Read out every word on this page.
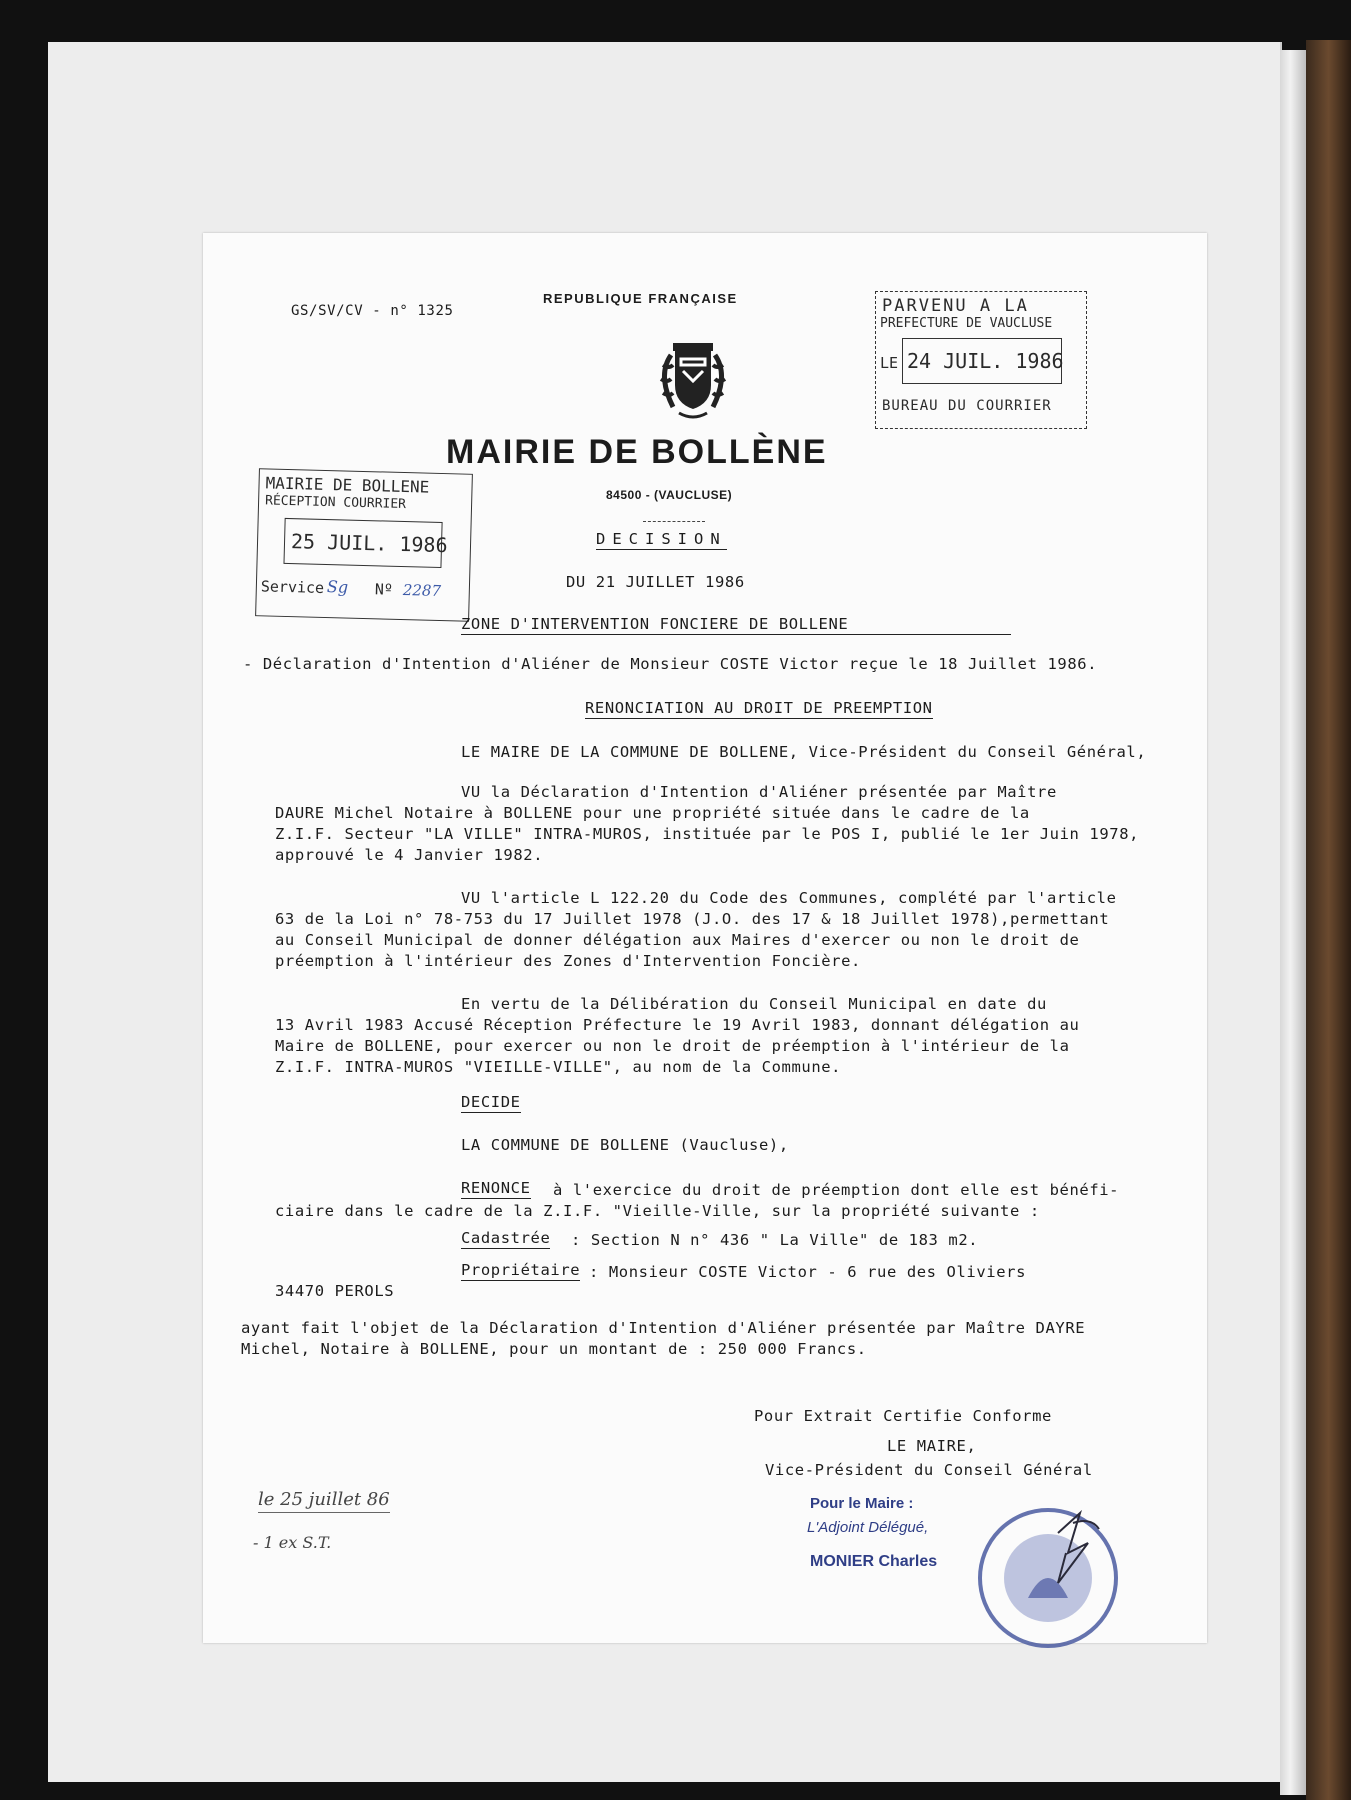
GS/SV/CV - n° 1325
REPUBLIQUE FRANÇAISE
MAIRIE DE BOLLÈNE
84500 - (VAUCLUSE)
DECISION
DU 21 JUILLET 1986
PARVENU A LA
PREFECTURE DE VAUCLUSE
LE 24 JUIL. 1986
BUREAU DU COURRIER
MAIRIE DE BOLLENE
RÉCEPTION COURRIER
25 JUIL. 1986
Service Sg Nº 2287
ZONE D'INTERVENTION FONCIERE DE BOLLENE
- Déclaration d'Intention d'Aliéner de Monsieur COSTE Victor reçue le 18 Juillet 1986.
RENONCIATION AU DROIT DE PREEMPTION
LE MAIRE DE LA COMMUNE DE BOLLENE, Vice-Président du Conseil Général,
VU la Déclaration d'Intention d'Aliéner présentée par Maître
DAURE Michel Notaire à BOLLENE pour une propriété située dans le cadre de la
Z.I.F. Secteur "LA VILLE" INTRA-MUROS, instituée par le POS I, publié le 1er Juin 1978,
approuvé le 4 Janvier 1982.
VU l'article L 122.20 du Code des Communes, complété par l'article
63 de la Loi n° 78-753 du 17 Juillet 1978 (J.O. des 17 & 18 Juillet 1978),permettant
au Conseil Municipal de donner délégation aux Maires d'exercer ou non le droit de
préemption à l'intérieur des Zones d'Intervention Foncière.
En vertu de la Délibération du Conseil Municipal en date du
13 Avril 1983 Accusé Réception Préfecture le 19 Avril 1983, donnant délégation au
Maire de BOLLENE, pour exercer ou non le droit de préemption à l'intérieur de la
Z.I.F. INTRA-MUROS "VIEILLE-VILLE", au nom de la Commune.
DECIDE
LA COMMUNE DE BOLLENE (Vaucluse),
RENONCE à l'exercice du droit de préemption dont elle est bénéfi-
ciaire dans le cadre de la Z.I.F. "Vieille-Ville, sur la propriété suivante :
Cadastrée : Section N n° 436 " La Ville" de 183 m2.
Propriétaire : Monsieur COSTE Victor - 6 rue des Oliviers
34470 PEROLS
ayant fait l'objet de la Déclaration d'Intention d'Aliéner présentée par Maître DAYRE
Michel, Notaire à BOLLENE, pour un montant de : 250 000 Francs.
Pour Extrait Certifie Conforme
LE MAIRE,
Vice-Président du Conseil Général
Pour le Maire :
L'Adjoint Délégué,
MONIER Charles
le 25 juillet 86
- 1 ex S.T.
